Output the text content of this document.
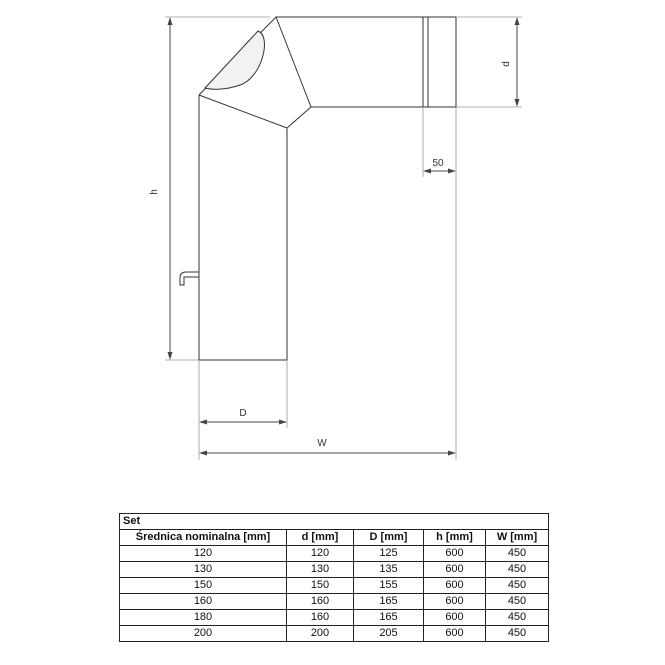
h
d
50
D
W
Set				
Średnica nominalna [mm]	d [mm]	D [mm]	h [mm]	W [mm]
120	120	125	600	450
130	130	135	600	450
150	150	155	600	450
160	160	165	600	450
180	160	165	600	450
200	200	205	600	450
